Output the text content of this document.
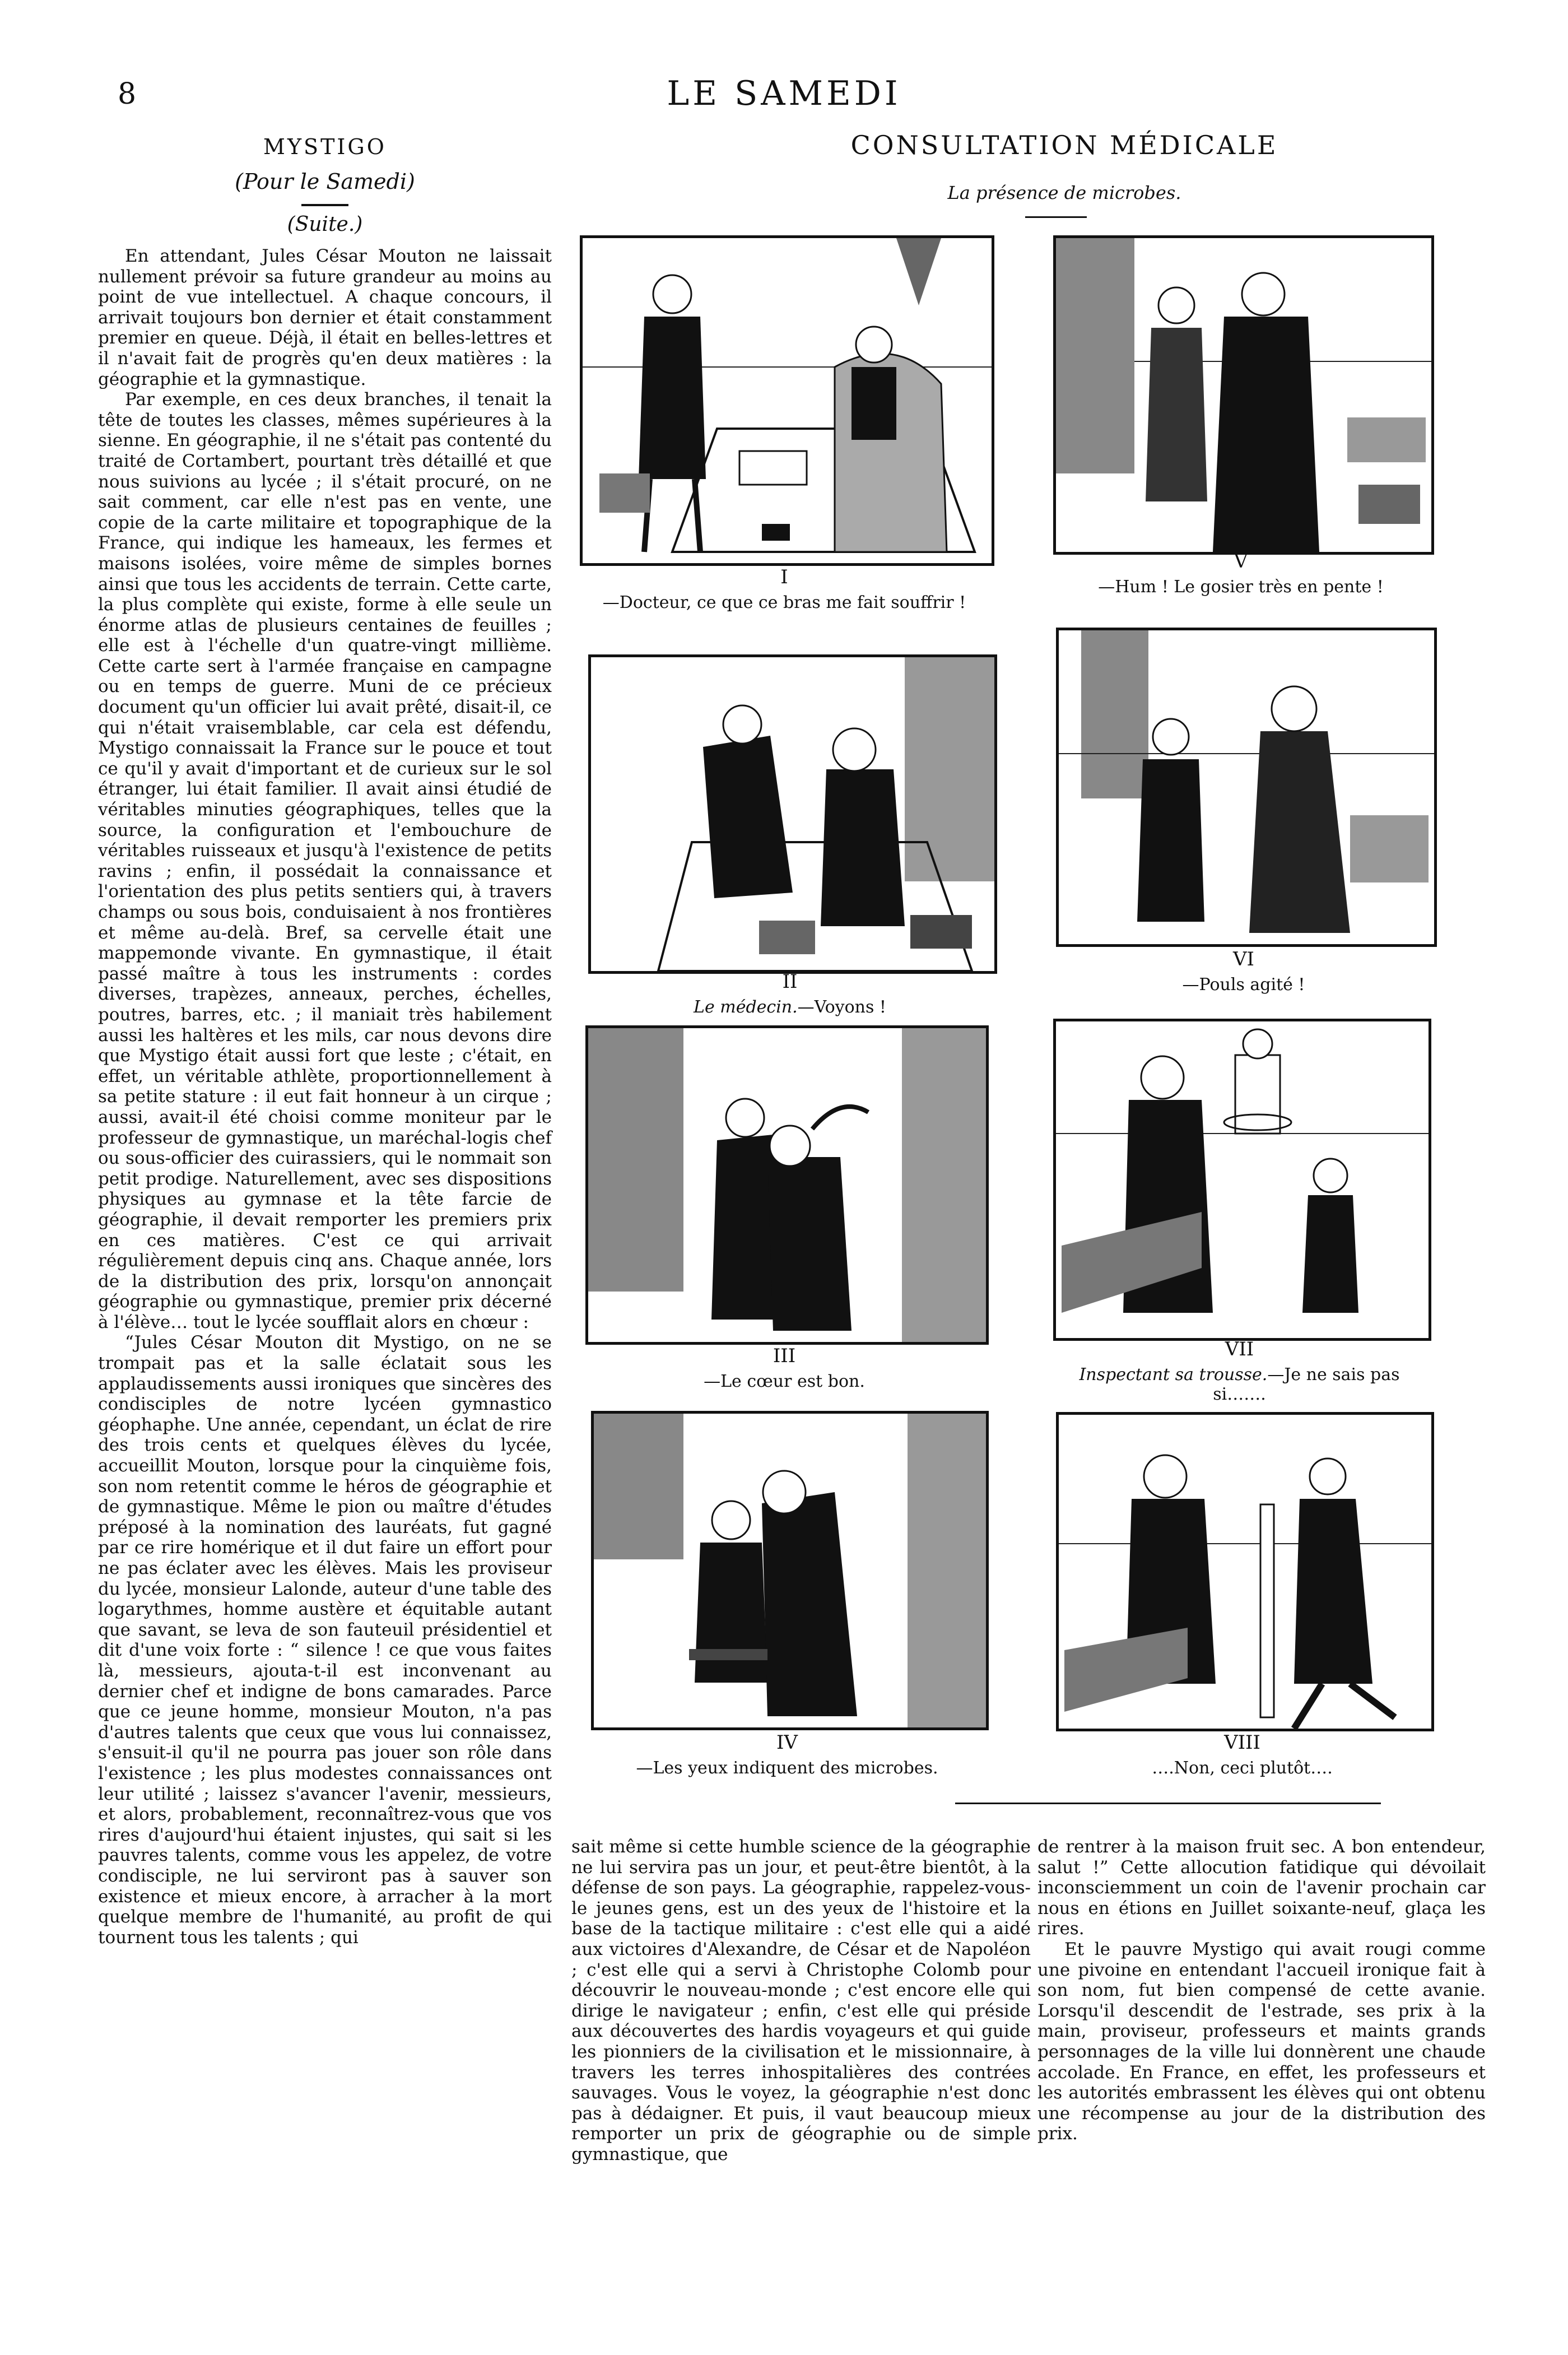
8	LE SAMEDI
MYSTIGO
(Pour le Samedi)
(Suite.)

En attendant, Jules César Mouton ne laissait nullement prévoir sa future grandeur au moins au point de vue intellectuel. A chaque concours, il arrivait toujours bon dernier et était constamment premier en queue. Déjà, il était en belles-lettres et il n'avait fait de progrès qu'en deux matières : la géographie et la gymnastique.

Par exemple, en ces deux branches, il tenait la tête de toutes les classes, mêmes supérieures à la sienne. En géographie, il ne s'était pas contenté du traité de Cortambert, pourtant très détaillé et que nous suivions au lycée ; il s'était procuré, on ne sait comment, car elle n'est pas en vente, une copie de la carte militaire et topographique de la France, qui indique les hameaux, les fermes et maisons isolées, voire même de simples bornes ainsi que tous les accidents de terrain. Cette carte, la plus complète qui existe, forme à elle seule un énorme atlas de plusieurs centaines de feuilles ; elle est à l'échelle d'un quatre-vingt millième. Cette carte sert à l'armée française en campagne ou en temps de guerre. Muni de ce précieux document qu'un officier lui avait prêté, disait-il, ce qui n'était vraisemblable, car cela est défendu, Mystigo connaissait la France sur le pouce et tout ce qu'il y avait d'important et de curieux sur le sol étranger, lui était familier. Il avait ainsi étudié de véritables minuties géographiques, telles que la source, la configuration et l'embouchure de véritables ruisseaux et jusqu'à l'existence de petits ravins ; enfin, il possédait la connaissance et l'orientation des plus petits sentiers qui, à travers champs ou sous bois, conduisaient à nos frontières et même au-delà. Bref, sa cervelle était une mappemonde vivante. En gymnastique, il était passé maître à tous les instruments : cordes diverses, trapèzes, anneaux, perches, échelles, poutres, barres, etc. ; il maniait très habilement aussi les haltères et les mils, car nous devons dire que Mystigo était aussi fort que leste ; c'était, en effet, un véritable athlète, proportionnellement à sa petite stature : il eut fait honneur à un cirque ; aussi, avait-il été choisi comme moniteur par le professeur de gymnastique, un maréchal-logis chef ou sous-officier des cuirassiers, qui le nommait son petit prodige. Naturellement, avec ses dispositions physiques au gymnase et la tête farcie de géographie, il devait remporter les premiers prix en ces matières. C'est ce qui arrivait régulièrement depuis cinq ans. Chaque année, lors de la distribution des prix, lorsqu'on annonçait géographie ou gymnastique, premier prix décerné à l'élève… tout le lycée soufflait alors en chœur :

“Jules César Mouton dit Mystigo, on ne se trompait pas et la salle éclatait sous les applaudissements aussi ironiques que sincères des condisciples de notre lycéen gymnastico géophaphe. Une année, cependant, un éclat de rire des trois cents et quelques élèves du lycée, accueillit Mouton, lorsque pour la cinquième fois, son nom retentit comme le héros de géographie et de gymnastique. Même le pion ou maître d'études préposé à la nomination des lauréats, fut gagné par ce rire homérique et il dut faire un effort pour ne pas éclater avec les élèves. Mais les proviseur du lycée, monsieur Lalonde, auteur d'une table des logarythmes, homme austère et équitable autant que savant, se leva de son fauteuil présidentiel et dit d'une voix forte : “ silence ! ce que vous faites là, messieurs, ajouta-t-il est inconvenant au dernier chef et indigne de bons camarades. Parce que ce jeune homme, monsieur Mouton, n'a pas d'autres talents que ceux que vous lui connaissez, s'ensuit-il qu'il ne pourra pas jouer son rôle dans l'existence ; les plus modestes connaissances ont leur utilité ; laissez s'avancer l'avenir, messieurs, et alors, probablement, reconnaîtrez-vous que vos rires d'aujourd'hui étaient injustes, qui sait si les pauvres talents, comme vous les appelez, de votre condisciple, ne lui serviront pas à sauver son existence et mieux encore, à arracher à la mort quelque membre de l'humanité, au profit de qui tournent tous les talents ; qui

CONSULTATION MÉDICALE
La présence de microbes.
I
—Docteur, ce que ce bras me fait souffrir !
V
—Hum ! Le gosier très en pente !
II
Le médecin.—Voyons !
VI
—Pouls agité !
III
—Le cœur est bon.
VII
Inspectant sa trousse.—Je ne sais pas si…….
IV
—Les yeux indiquent des microbes.
VIII
….Non, ceci plutôt….

sait même si cette humble science de la géographie ne lui servira pas un jour, et peut-être bientôt, à la défense de son pays. La géographie, rappelez-vous-le jeunes gens, est un des yeux de l'histoire et la base de la tactique militaire : c'est elle qui a aidé aux victoires d'Alexandre, de César et de Napoléon ; c'est elle qui a servi à Christophe Colomb pour découvrir le nouveau-monde ; c'est encore elle qui dirige le navigateur ; enfin, c'est elle qui préside aux découvertes des hardis voyageurs et qui guide les pionniers de la civilisation et le missionnaire, à travers les terres inhospitalières des contrées sauvages. Vous le voyez, la géographie n'est donc pas à dédaigner. Et puis, il vaut beaucoup mieux remporter un prix de géographie ou de simple gymnastique, que

de rentrer à la maison fruit sec. A bon entendeur, salut !” Cette allocution fatidique qui dévoilait inconsciemment un coin de l'avenir prochain car nous en étions en Juillet soixante-neuf, glaça les rires.

Et le pauvre Mystigo qui avait rougi comme une pivoine en entendant l'accueil ironique fait à son nom, fut bien compensé de cette avanie. Lorsqu'il descendit de l'estrade, ses prix à la main, proviseur, professeurs et maints grands personnages de la ville lui donnèrent une chaude accolade. En France, en effet, les professeurs et les autorités embrassent les élèves qui ont obtenu une récompense au jour de la distribution des prix.
